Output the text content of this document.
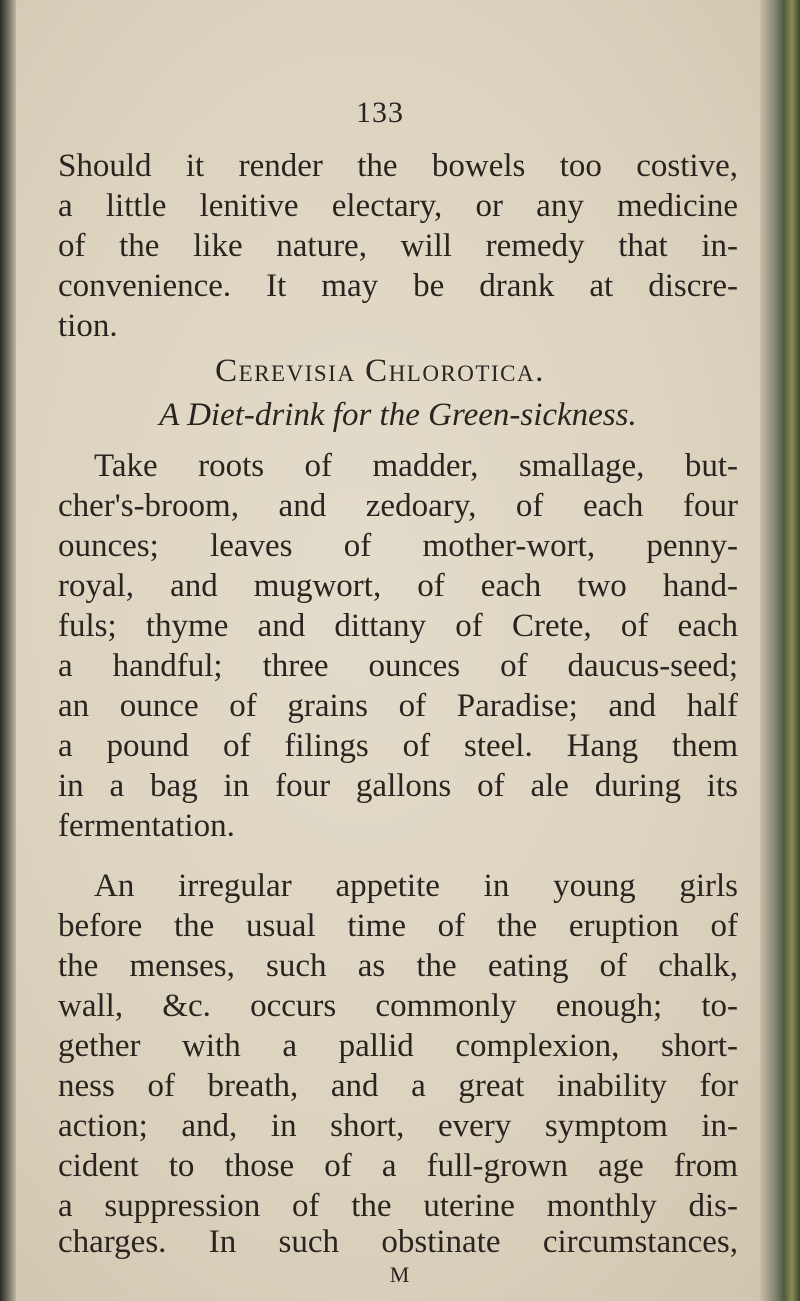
133
Should it render the bowels too costive,
a little lenitive electary, or any medicine
of the like nature, will remedy that in-
convenience. It may be drank at discre-
tion.
Cerevisia Chlorotica.
A Diet-drink for the Green-sickness.
Take roots of madder, smallage, but-
cher's-broom, and zedoary, of each four
ounces; leaves of mother-wort, penny-
royal, and mugwort, of each two hand-
fuls; thyme and dittany of Crete, of each
a handful; three ounces of daucus-seed;
an ounce of grains of Paradise; and half
a pound of filings of steel. Hang them
in a bag in four gallons of ale during its
fermentation.
An irregular appetite in young girls
before the usual time of the eruption of
the menses, such as the eating of chalk,
wall, &c. occurs commonly enough; to-
gether with a pallid complexion, short-
ness of breath, and a great inability for
action; and, in short, every symptom in-
cident to those of a full-grown age from
a suppression of the uterine monthly dis-
charges. In such obstinate circumstances,
M
